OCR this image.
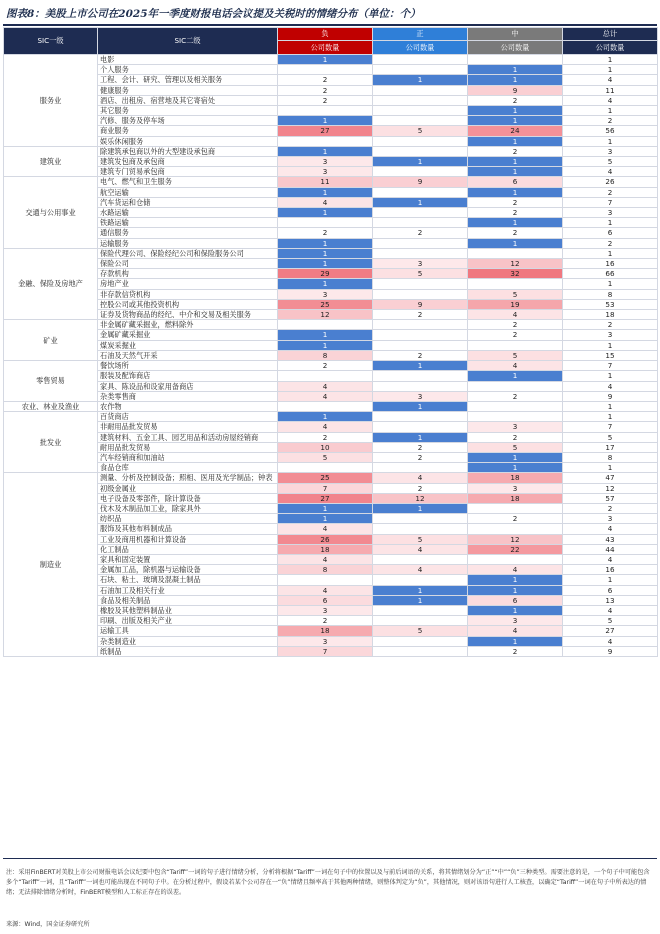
图表8：美股上市公司在2025年一季度财报电话会议提及关税时的情绪分布（单位：个）
SIC一级	SIC二级	负	正	中	总计
		公司数量	公司数量	公司数量	公司数量
服务业	电影	1			1
	个人服务			1	1
	工程、会计、研究、管理以及相关服务	2	1	1	4
	健康服务	2		9	11
	酒店、出租房、宿营地及其它寄宿处	2		2	4
	其它服务			1	1
	汽修、服务及停车场	1		1	2
	商业服务	27	5	24	56
	娱乐休闲服务			1	1
建筑业	除建筑承包商以外的大型建设承包商	1		2	3
	建筑发包商及承包商	3	1	1	5
	建筑专门贸易承包商	3		1	4
交通与公用事业	电气、燃气和卫生服务	11	9	6	26
	航空运输	1		1	2
	汽车货运和仓储	4	1	2	7
	水路运输	1		2	3
	铁路运输			1	1
	通信服务	2	2	2	6
	运输服务	1		1	2
金融、保险及房地产	保险代理公司、保险经纪公司和保险服务公司	1			1
	保险公司	1	3	12	16
	存款机构	29	5	32	66
	房地产业	1			1
	非存款信贷机构	3		5	8
	控股公司或其他投资机构	25	9	19	53
	证券及货物商品的经纪、中介和交易及相关服务	12	2	4	18
矿业	非金属矿藏采掘业，燃料除外			2	2
	金属矿藏采掘业	1		2	3
	煤炭采掘业	1			1
	石油及天然气开采	8	2	5	15
零售贸易	餐饮场所	2	1	4	7
	服装及配饰商店			1	1
	家具、陈设品和设家用备商店	4			4
	杂类零售商	4	3	2	9
农业、林业及渔业	农作物		1		1
批发业	百货商店	1			1
	非耐用品批发贸易	4		3	7
	建筑材料、五金工具、园艺用品和活动房屋经销商	2	1	2	5
	耐用品批发贸易	10	2	5	17
	汽车经销商和加油站	5	2	1	8
	食品仓库			1	1
制造业	测量、分析及控制设备；照相、医用及光学制品；钟表	25	4	18	47
	初级金属业	7	2	3	12
	电子设备及零部件，除计算设备	27	12	18	57
	伐木及木制品加工业，除家具外	1	1		2
	纺织品	1		2	3
	服饰及其他布料制成品	4			4
	工业及商用机器和计算设备	26	5	12	43
	化工制品	18	4	22	44
	家具和固定装置	4			4
	金属加工品，除机器与运输设备	8	4	4	16
	石块、粘土、玻璃及混凝土制品			1	1
	石油加工及相关行业	4	1	1	6
	食品及相关制品	6	1	6	13
	橡胶及其他塑料制品业	3		1	4
	印刷、出版及相关产业	2		3	5
	运输工具	18	5	4	27
	杂类制造业	3		1	4
	纸制品	7		2	9
注：采用FinBERT对美股上市公司财报电话会议纪要中包含“Tariff”一词的句子进行情绪分析，分析将根据“Tariff”一词在句子中的位置以及与前后词语的关系，将其情绪划分为“正”“中”“负”三种类型。需要注意的是，一个句子中可能包含多个“Tariff”一词，且“Tariff”一词也可能出现在不同句子中。在分析过程中，假设若某个公司存在一“负”情绪且频率高于其他两种情绪，则整体判定为“负”，其他情况，则对该语句进行人工核查，以确定“Tariff”一词在句子中所表达的情绪；无法排除情绪分析时，FinBERT模型和人工标正存在的误差。
来源：Wind，国金证券研究所
